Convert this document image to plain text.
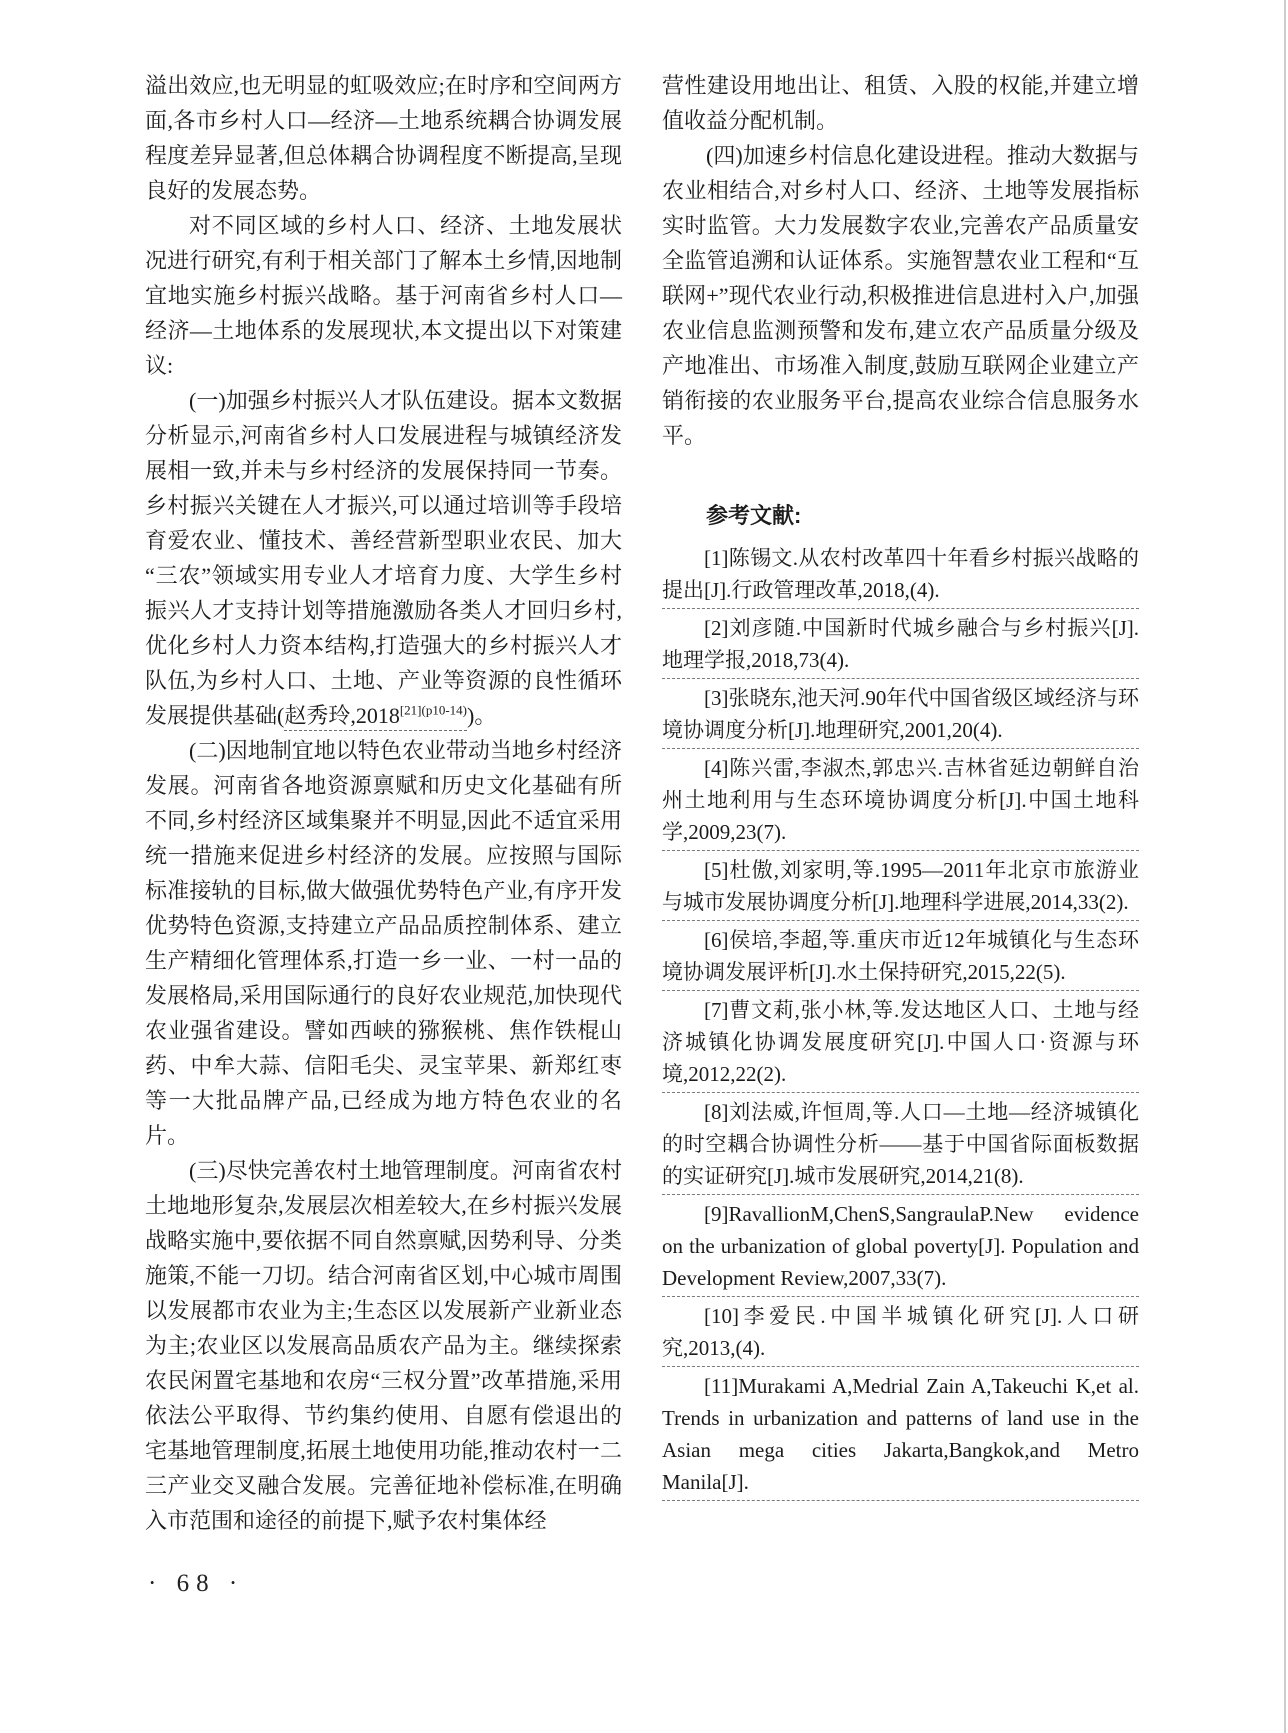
溢出效应,也无明显的虹吸效应;在时序和空间两方面,各市乡村人口—经济—土地系统耦合协调发展程度差异显著,但总体耦合协调程度不断提高,呈现良好的发展态势。

对不同区域的乡村人口、经济、土地发展状况进行研究,有利于相关部门了解本土乡情,因地制宜地实施乡村振兴战略。基于河南省乡村人口—经济—土地体系的发展现状,本文提出以下对策建议:

(一)加强乡村振兴人才队伍建设。据本文数据分析显示,河南省乡村人口发展进程与城镇经济发展相一致,并未与乡村经济的发展保持同一节奏。乡村振兴关键在人才振兴,可以通过培训等手段培育爱农业、懂技术、善经营新型职业农民、加大“三农”领域实用专业人才培育力度、大学生乡村振兴人才支持计划等措施激励各类人才回归乡村,优化乡村人力资本结构,打造强大的乡村振兴人才队伍,为乡村人口、土地、产业等资源的良性循环发展提供基础(赵秀玲$,2018^{[21](p10-14)}$)。

(二)因地制宜地以特色农业带动当地乡村经济发展。河南省各地资源禀赋和历史文化基础有所不同,乡村经济区域集聚并不明显,因此不适宜采用统一措施来促进乡村经济的发展。应按照与国际标准接轨的目标,做大做强优势特色产业,有序开发优势特色资源,支持建立产品品质控制体系、建立生产精细化管理体系,打造一乡一业、一村一品的发展格局,采用国际通行的良好农业规范,加快现代农业强省建设。譬如西峡的猕猴桃、焦作铁棍山药、中牟大蒜、信阳毛尖、灵宝苹果、新郑红枣等一大批品牌产品,已经成为地方特色农业的名片。

(三)尽快完善农村土地管理制度。河南省农村土地地形复杂,发展层次相差较大,在乡村振兴发展战略实施中,要依据不同自然禀赋,因势利导、分类施策,不能一刀切。结合河南省区划,中心城市周围以发展都市农业为主;生态区以发展新产业新业态为主;农业区以发展高品质农产品为主。继续探索农民闲置宅基地和农房“三权分置”改革措施,采用依法公平取得、节约集约使用、自愿有偿退出的宅基地管理制度,拓展土地使用功能,推动农村一二三产业交叉融合发展。完善征地补偿标准,在明确入市范围和途径的前提下,赋予农村集体经

营性建设用地出让、租赁、入股的权能,并建立增值收益分配机制。

(四)加速乡村信息化建设进程。推动大数据与农业相结合,对乡村人口、经济、土地等发展指标实时监管。大力发展数字农业,完善农产品质量安全监管追溯和认证体系。实施智慧农业工程和“互联网+”现代农业行动,积极推进信息进村入户,加强农业信息监测预警和发布,建立农产品质量分级及产地准出、市场准入制度,鼓励互联网企业建立产销衔接的农业服务平台,提高农业综合信息服务水平。

参考文献:

[1]陈锡文.从农村改革四十年看乡村振兴战略的提出[J].行政管理改革,2018,(4).

[2]刘彦随.中国新时代城乡融合与乡村振兴[J].地理学报,2018,73(4).

[3]张晓东,池天河.90年代中国省级区域经济与环境协调度分析[J].地理研究,2001,20(4).

[4]陈兴雷,李淑杰,郭忠兴.吉林省延边朝鲜自治州土地利用与生态环境协调度分析[J].中国土地科学,2009,23(7).

[5]杜傲,刘家明,等.1995—2011年北京市旅游业与城市发展协调度分析[J].地理科学进展,2014,33(2).

[6]侯培,李超,等.重庆市近12年城镇化与生态环境协调发展评析[J].水土保持研究,2015,22(5).

[7]曹文莉,张小林,等.发达地区人口、土地与经济城镇化协调发展度研究[J].中国人口·资源与环境,2012,22(2).

[8]刘法威,许恒周,等.人口—土地—经济城镇化的时空耦合协调性分析——基于中国省际面板数据的实证研究[J].城市发展研究,2014,21(8).

[9]RavallionM,ChenS,SangraulaP.New evidence on the urbanization of global poverty[J]. Population and Development Review,2007,33(7).

[10]李爱民.中国半城镇化研究[J].人口研究,2013,(4).

[11]Murakami A,Medrial Zain A,Takeuchi K,et al. Trends in urbanization and patterns of land use in the Asian mega cities Jakarta,Bangkok,and Metro Manila[J].

· 68 ·
